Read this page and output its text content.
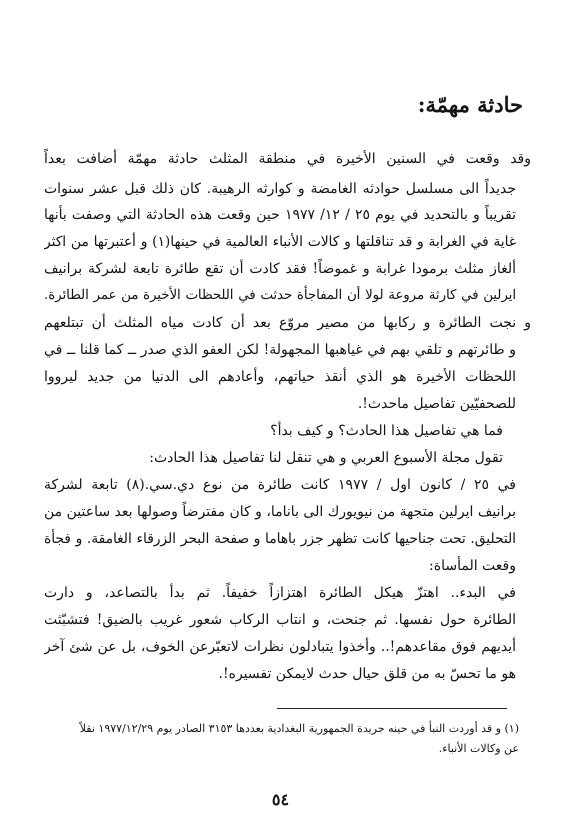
حادثة مهمّة:
وقد وقعت في السنين الأخيرة في منطقة المثلث حادثة مهمّة أضافت بعداً
جديداً الى مسلسل حوادثه الغامضة و كوارثه الرهيبة. كان ذلك قبل عشر سنوات
تقريباً و بالتحديد في يوم ٢٥ / ١٢/ ١٩٧٧ حين وقعت هذه الحادثة التي وصفت بأنها
غاية في الغرابة و قد تناقلتها و كالات الأنباء العالمية في حينها(١) و أعتبرتها من اكثر
ألغاز مثلث برمودا غرابة و غموضاً! فقد كادت أن تقع طائرة تابعة لشركة برانيف
ايرلين في كارثة مروعة لولا أن المفاجأة حدثت في اللحظات الأخيرة من عمر الطائرة.
و نجت الطائرة و ركابها من مصير مروّع بعد أن كادت مياه المثلث أن تبتلعهم
و طائرتهم و تلقي بهم في غياهبها المجهولة! لكن العفو الذي صدر ــ كما قلنا ــ في
اللحظات الأخيرة هو الذي أنقذ حياتهم، وأعادهم الى الدنيا من جديد ليرووا
للصحفيّين تفاصيل ماحدث!.
فما هي تفاصيل هذا الحادث؟ و كيف بدأ؟
تقول مجلة الأسبوع العربي و هي تنقل لنا تفاصيل هذا الحادث:
في ٢٥ / كانون اول / ١٩٧٧ كانت طائرة من نوع دي.سي.(٨) تابعة لشركة
برانيف ايرلين متجهة من نيويورك الى باناما، و كان مفترضاً وصولها بعد ساعتين من
التحليق. تحت جناحيها كانت تظهر جزر باهاما و صفحة البحر الزرقاء الغامقة. و فجأة
وقعت المأساة:
في البدء.. اهتزّ هيكل الطائرة اهتزازاً خفيفاً. ثم بدأ بالتصاعد، و دارت
الطائرة حول نفسها. ثم جنحت، و انتاب الركاب شعور غريب بالضيق! فتشبّثت
أيديهم فوق مقاعدهم!.. وأخذوا يتبادلون نظرات لاتعبّرعن الخوف، بل عن شئ آخر
هو ما تحسّ به من قلق حيال حدث لايمكن تفسيره!.
(١) و قد أوردت النبأ في حينه جريدة الجمهورية البغدادية بعددها ٣١٥٣ الصادر يوم ١٩٧٧/١٢/٢٩ نقلاً
عن وكالات الأنباء.
٥٤
